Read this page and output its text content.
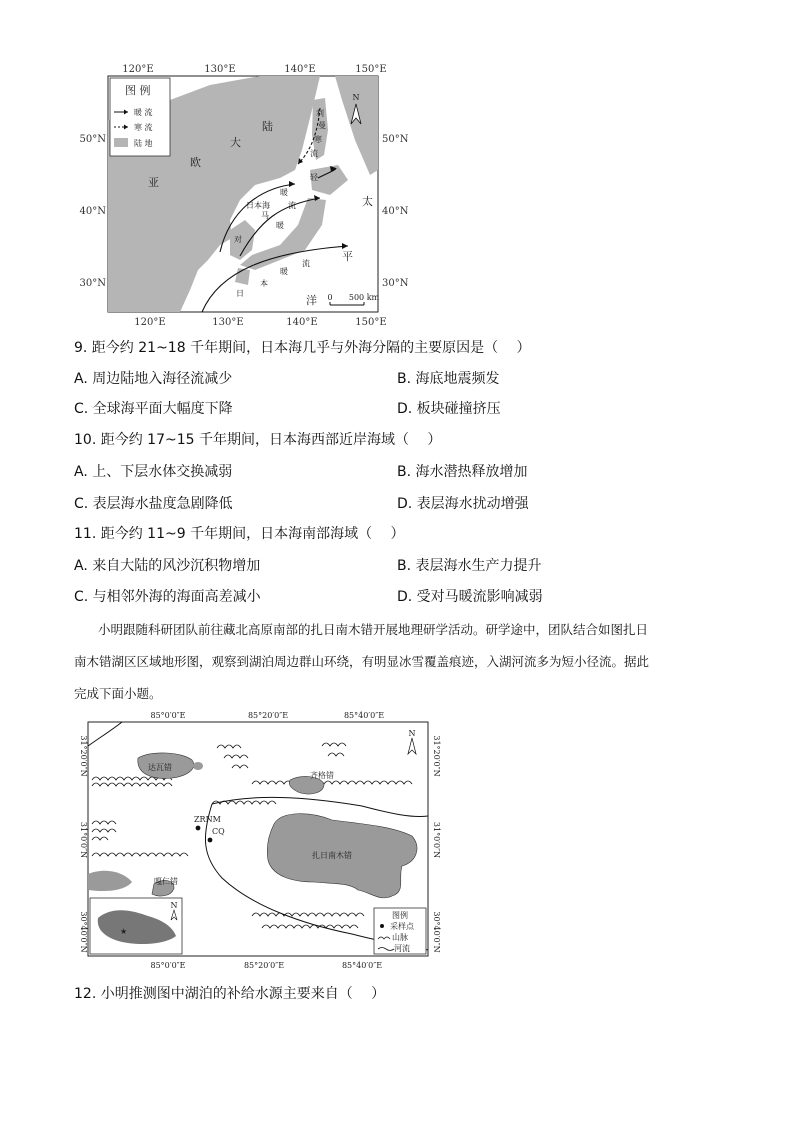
120°E	130°E	140°E	150°E
120°E	130°E	140°E	150°E
50°N
40°N
30°N
50°N
40°N
30°N
图 例
暖 流
寒 流
陆 地
N
大
陆
欧
亚
日本海	太
平
洋
马
暖
对
暖
流
利
曼
寒
流
轻
暖
流
日
本
0 500 km
9. 距今约 21~18 千年期间，日本海几乎与外海分隔的主要原因是（　 ）
A. 周边陆地入海径流减少	B. 海底地震频发
C. 全球海平面大幅度下降	D. 板块碰撞挤压
10. 距今约 17~15 千年期间，日本海西部近岸海域（　 ）
A. 上、下层水体交换减弱	B. 海水潜热释放增加
C. 表层海水盐度急剧降低	D. 表层海水扰动增强
11. 距今约 11~9 千年期间，日本海南部海域（　 ）
A. 来自大陆的风沙沉积物增加	B. 表层海水生产力提升
C. 与相邻外海的海面高差减小	D. 受对马暖流影响减弱
小明跟随科研团队前往藏北高原南部的扎日南木错开展地理研学活动。研学途中，团队结合如图扎日
南木错湖区区域地形图，观察到湖泊周边群山环绕，有明显冰雪覆盖痕迹，入湖河流多为短小径流。据此
完成下面小题。
85°0′0″E	85°20′0″E	85°40′0″E
85°0′0″E	85°20′0″E	85°40′0″E
31°20′0″N
31°0′0″N
30°40′0″N
31°20′0″N
31°0′0″N
30°40′0″N
达瓦错
齐格错
扎日南木错
嘎仁错
ZRNM
CQ
N
★
N
图例
采样点
山脉
河流
12. 小明推测图中湖泊的补给水源主要来自（　 ）
